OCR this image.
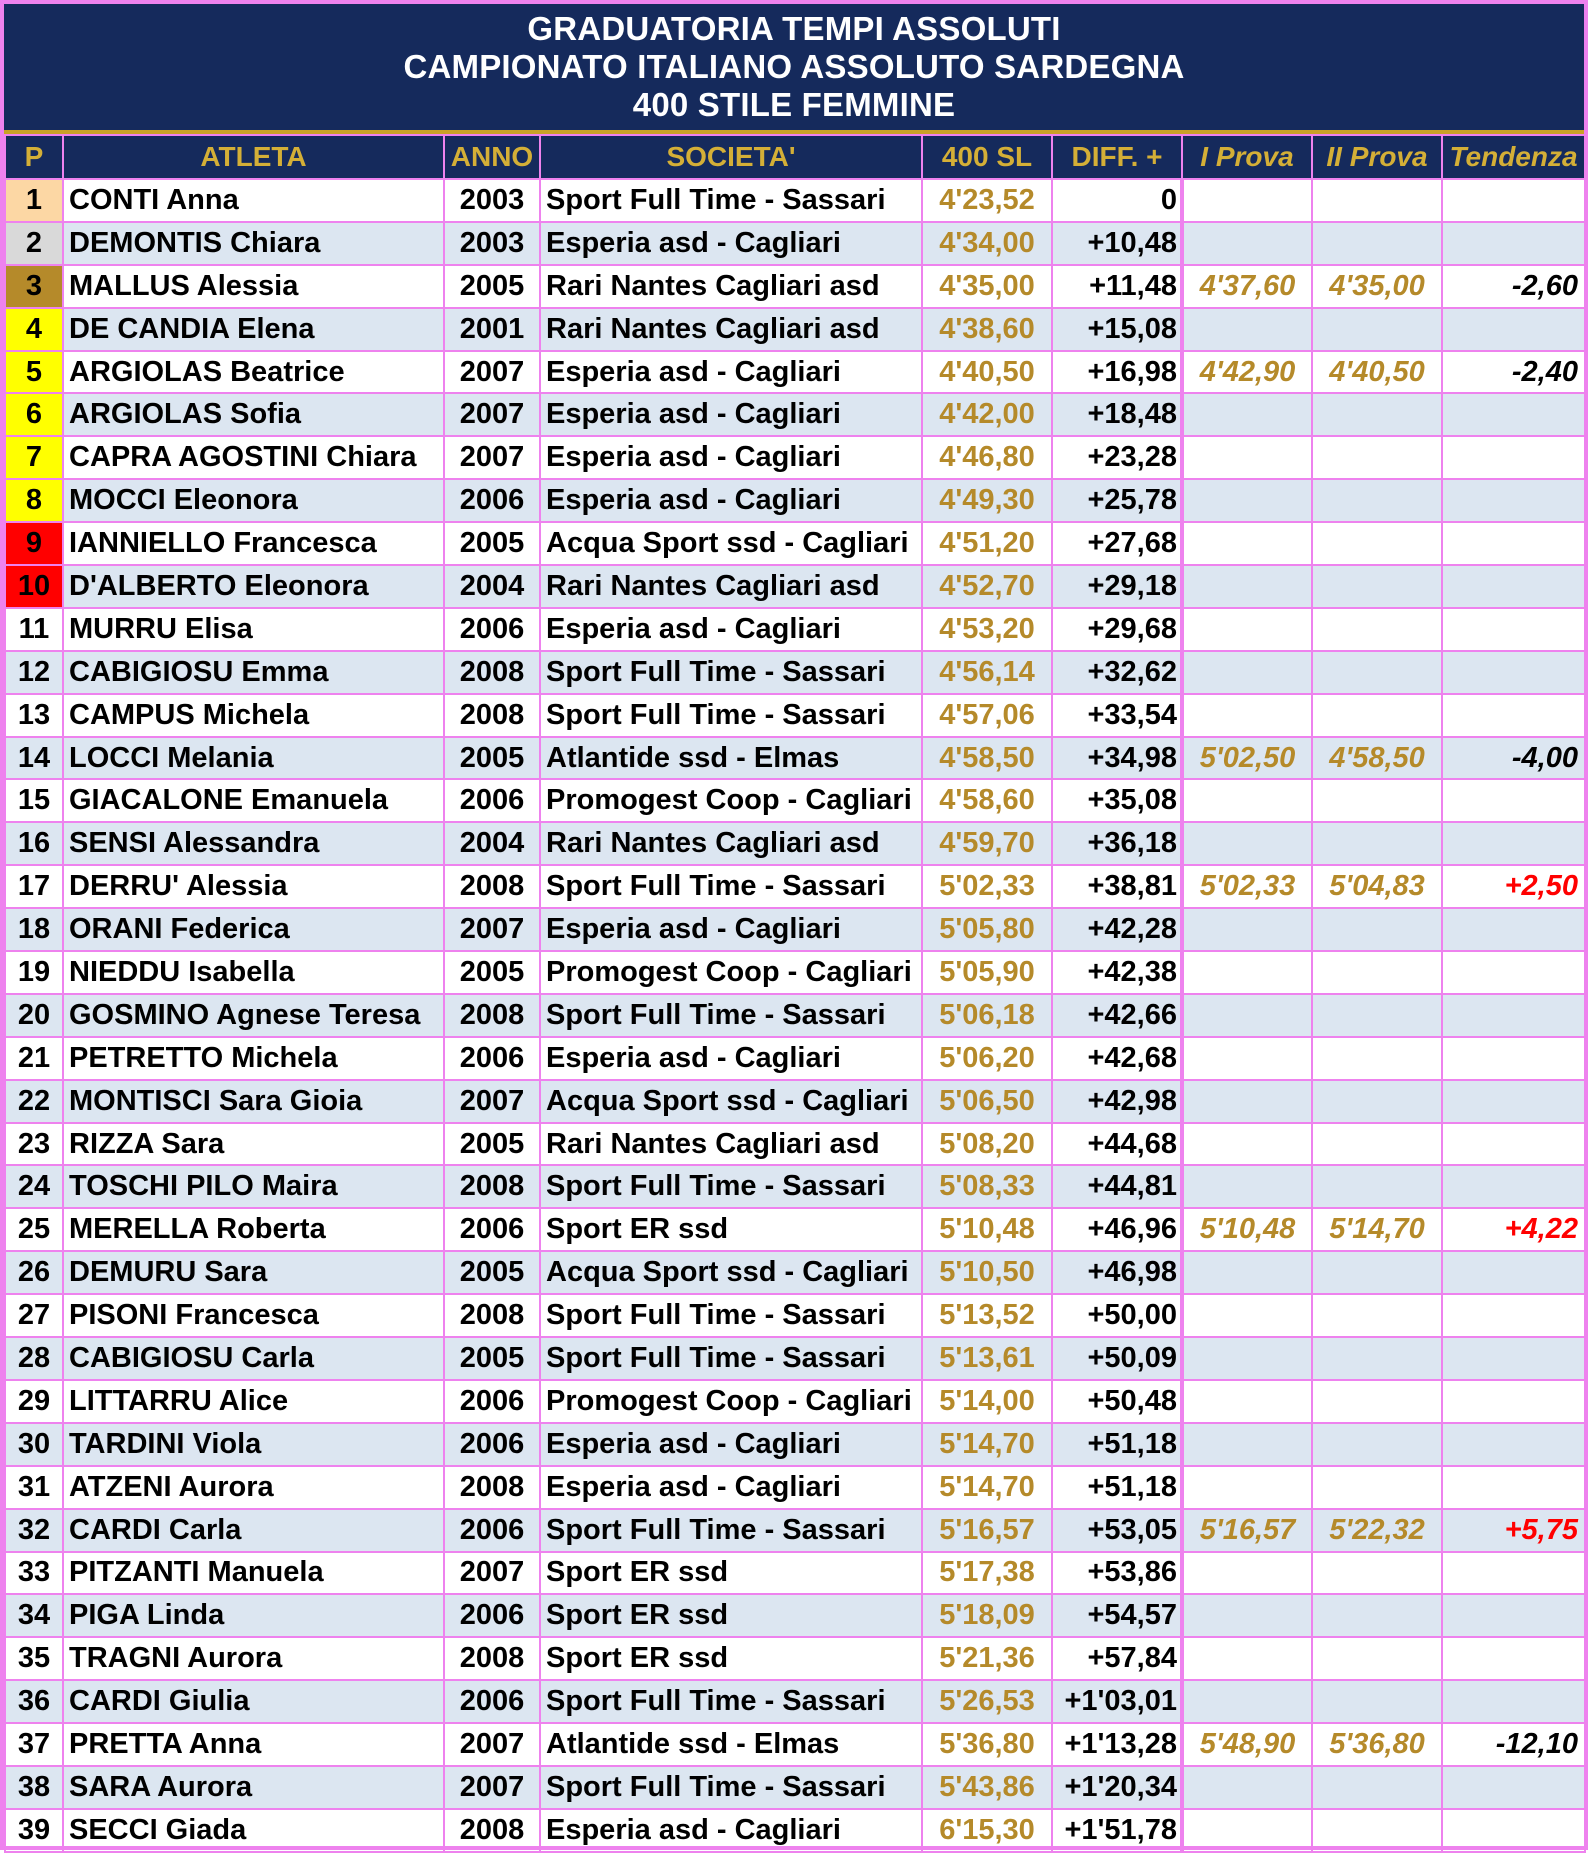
GRADUATORIA TEMPI ASSOLUTI
CAMPIONATO ITALIANO ASSOLUTO SARDEGNA
400 STILE FEMMINE
P	ATLETA	ANNO	SOCIETA'	400 SL	DIFF. +	I Prova	II Prova	Tendenza
1	CONTI Anna	2003	Sport Full Time - Sassari	4'23,52	0			
2	DEMONTIS Chiara	2003	Esperia asd - Cagliari	4'34,00	+10,48			
3	MALLUS Alessia	2005	Rari Nantes Cagliari asd	4'35,00	+11,48	4'37,60	4'35,00	-2,60
4	DE CANDIA Elena	2001	Rari Nantes Cagliari asd	4'38,60	+15,08			
5	ARGIOLAS Beatrice	2007	Esperia asd - Cagliari	4'40,50	+16,98	4'42,90	4'40,50	-2,40
6	ARGIOLAS Sofia	2007	Esperia asd - Cagliari	4'42,00	+18,48			
7	CAPRA AGOSTINI Chiara	2007	Esperia asd - Cagliari	4'46,80	+23,28			
8	MOCCI Eleonora	2006	Esperia asd - Cagliari	4'49,30	+25,78			
9	IANNIELLO Francesca	2005	Acqua Sport ssd - Cagliari	4'51,20	+27,68			
10	D'ALBERTO Eleonora	2004	Rari Nantes Cagliari asd	4'52,70	+29,18			
11	MURRU Elisa	2006	Esperia asd - Cagliari	4'53,20	+29,68			
12	CABIGIOSU Emma	2008	Sport Full Time - Sassari	4'56,14	+32,62			
13	CAMPUS Michela	2008	Sport Full Time - Sassari	4'57,06	+33,54			
14	LOCCI Melania	2005	Atlantide ssd - Elmas	4'58,50	+34,98	5'02,50	4'58,50	-4,00
15	GIACALONE Emanuela	2006	Promogest Coop - Cagliari	4'58,60	+35,08			
16	SENSI Alessandra	2004	Rari Nantes Cagliari asd	4'59,70	+36,18			
17	DERRU' Alessia	2008	Sport Full Time - Sassari	5'02,33	+38,81	5'02,33	5'04,83	+2,50
18	ORANI Federica	2007	Esperia asd - Cagliari	5'05,80	+42,28			
19	NIEDDU Isabella	2005	Promogest Coop - Cagliari	5'05,90	+42,38			
20	GOSMINO Agnese Teresa	2008	Sport Full Time - Sassari	5'06,18	+42,66			
21	PETRETTO Michela	2006	Esperia asd - Cagliari	5'06,20	+42,68			
22	MONTISCI Sara Gioia	2007	Acqua Sport ssd - Cagliari	5'06,50	+42,98			
23	RIZZA Sara	2005	Rari Nantes Cagliari asd	5'08,20	+44,68			
24	TOSCHI PILO Maira	2008	Sport Full Time - Sassari	5'08,33	+44,81			
25	MERELLA Roberta	2006	Sport ER ssd	5'10,48	+46,96	5'10,48	5'14,70	+4,22
26	DEMURU Sara	2005	Acqua Sport ssd - Cagliari	5'10,50	+46,98			
27	PISONI Francesca	2008	Sport Full Time - Sassari	5'13,52	+50,00			
28	CABIGIOSU Carla	2005	Sport Full Time - Sassari	5'13,61	+50,09			
29	LITTARRU Alice	2006	Promogest Coop - Cagliari	5'14,00	+50,48			
30	TARDINI Viola	2006	Esperia asd - Cagliari	5'14,70	+51,18			
31	ATZENI Aurora	2008	Esperia asd - Cagliari	5'14,70	+51,18			
32	CARDI Carla	2006	Sport Full Time - Sassari	5'16,57	+53,05	5'16,57	5'22,32	+5,75
33	PITZANTI Manuela	2007	Sport ER ssd	5'17,38	+53,86			
34	PIGA Linda	2006	Sport ER ssd	5'18,09	+54,57			
35	TRAGNI Aurora	2008	Sport ER ssd	5'21,36	+57,84			
36	CARDI Giulia	2006	Sport Full Time - Sassari	5'26,53	+1'03,01			
37	PRETTA Anna	2007	Atlantide ssd - Elmas	5'36,80	+1'13,28	5'48,90	5'36,80	-12,10
38	SARA Aurora	2007	Sport Full Time - Sassari	5'43,86	+1'20,34			
39	SECCI Giada	2008	Esperia asd - Cagliari	6'15,30	+1'51,78			
